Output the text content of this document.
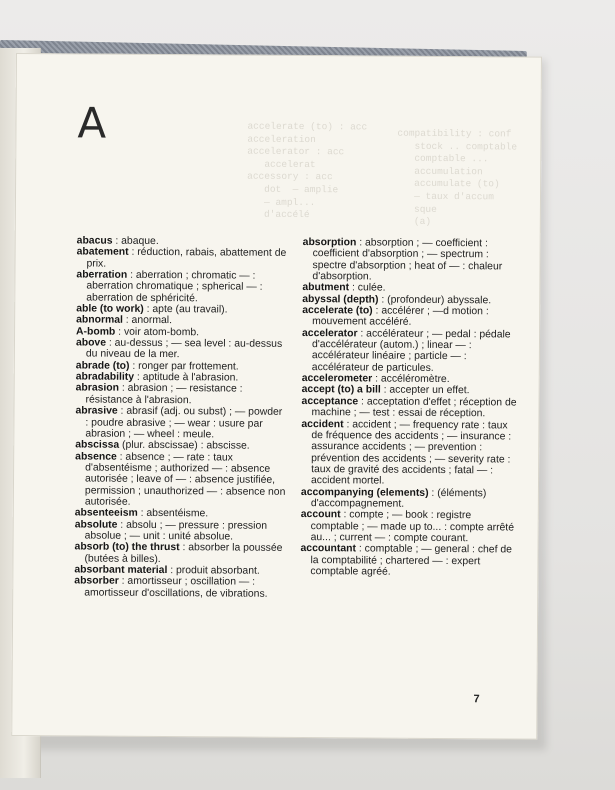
accelerate (to) : acc
acceleration
accelerator : acc
accelerat
accessory : acc
dot  — amplie
— ampl...
d'accélé
compatibility : conf
stock .. comptable
comptable ...
accumulation
accumulate (to)
— taux d'accum
sque
(a)
A

abacus : abaque.

abatement : réduction, rabais, abattement de prix.

aberration : aberration ; chromatic — : aberration chromatique ; spherical — : aberration de sphéricité.

able (to work) : apte (au travail).

abnormal : anormal.

A-bomb : voir atom-bomb.

above : au-dessus ; — sea level : au-dessus du niveau de la mer.

abrade (to) : ronger par frottement.

abradability : aptitude à l'abrasion.

abrasion : abrasion ; — resistance : résistance à l'abrasion.

abrasive : abrasif (adj. ou subst) ; — powder : poudre abrasive ; — wear : usure par abrasion ; — wheel : meule.

abscissa (plur. abscissae) : abscisse.

absence : absence ; — rate : taux d'absentéisme ; authorized — : absence autorisée ; leave of — : absence justifiée, permission ; unauthorized — : absence non autorisée.

absenteeism : absentéisme.

absolute : absolu ; — pressure : pression absolue ; — unit : unité absolue.

absorb (to) the thrust : absorber la poussée (butées à billes).

absorbant material : produit absorbant.

absorber : amortisseur ; oscillation — : amortisseur d'oscillations, de vibrations.

absorption : absorption ; — coefficient : coefficient d'absorption ; — spectrum : spectre d'absorption ; heat of — : chaleur d'absorption.

abutment : culée.

abyssal (depth) : (profondeur) abyssale.

accelerate (to) : accélérer ; —d motion : mouvement accéléré.

accelerator : accélérateur ; — pedal : pédale d'accélérateur (autom.) ; linear — : accélérateur linéaire ; particle — : accélérateur de particules.

accelerometer : accéléromètre.

accept (to) a bill : accepter un effet.

acceptance : acceptation d'effet ; réception de machine ; — test : essai de réception.

accident : accident ; — frequency rate : taux de fréquence des accidents ; — insurance : assurance accidents ; — prevention : prévention des accidents ; — severity rate : taux de gravité des accidents ; fatal — : accident mortel.

accompanying (elements) : (éléments) d'accompagnement.

account : compte ; — book : registre comptable ; — made up to... : compte arrêté au... ; current — : compte courant.

accountant : comptable ; — general : chef de la comptabilité ; chartered — : expert comptable agréé.

7
